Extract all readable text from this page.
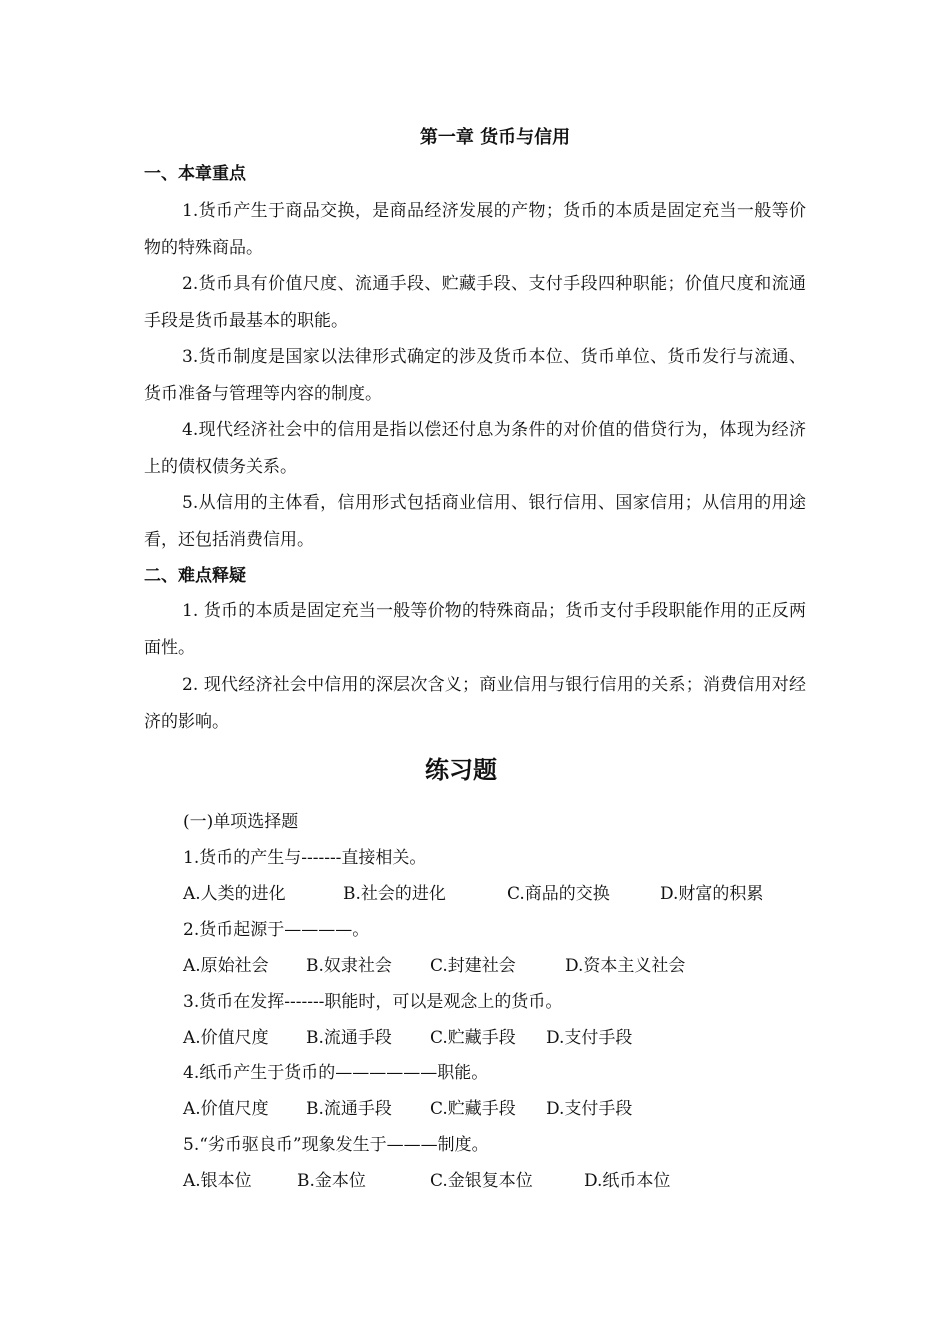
第一章 货币与信用
一、本章重点

1.货币产生于商品交换，是商品经济发展的产物；货币的本质是固定充当一般等价物的特殊商品。

2.货币具有价值尺度、流通手段、贮藏手段、支付手段四种职能；价值尺度和流通手段是货币最基本的职能。

3.货币制度是国家以法律形式确定的涉及货币本位、货币单位、货币发行与流通、货币准备与管理等内容的制度。

4.现代经济社会中的信用是指以偿还付息为条件的对价值的借贷行为，体现为经济上的债权债务关系。

5.从信用的主体看，信用形式包括商业信用、银行信用、国家信用；从信用的用途看，还包括消费信用。

二、难点释疑

1. 货币的本质是固定充当一般等价物的特殊商品；货币支付手段职能作用的正反两面性。

2. 现代经济社会中信用的深层次含义；商业信用与银行信用的关系；消费信用对经济的影响。

练习题
(一)单项选择题
1.货币的产生与-------直接相关。
A.人类的进化	B.社会的进化	C.商品的交换	D.财富的积累
2.货币起源于————。
A.原始社会 B.奴隶社会 C.封建社会	D.资本主义社会
3.货币在发挥-------职能时，可以是观念上的货币。
A.价值尺度 B.流通手段 C.贮藏手段 D.支付手段
4.纸币产生于货币的——————职能。
A.价值尺度 B.流通手段 C.贮藏手段 D.支付手段
5.“劣币驱良币”现象发生于———制度。
A.银本位	B.金本位	C.金银复本位	D.纸币本位
